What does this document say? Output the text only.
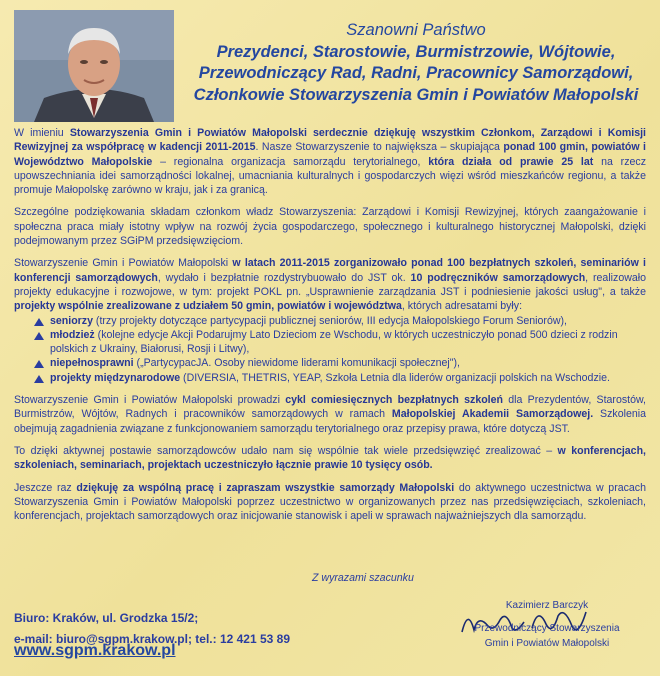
Szanowni Państwo
Prezydenci, Starostowie, Burmistrzowie, Wójtowie,
Przewodniczący Rad, Radni, Pracownicy Samorządowi,
Członkowie Stowarzyszenia Gmin i Powiatów Małopolski

W imieniu Stowarzyszenia Gmin i Powiatów Małopolski serdecznie dziękuję wszystkim Członkom, Zarządowi i Komisji Rewizyjnej za współpracę w kadencji 2011-2015. Nasze Stowarzyszenie to największa – skupiająca ponad 100 gmin, powiatów i Województwo Małopolskie – regionalna organizacja samorządu terytorialnego, która działa od prawie 25 lat na rzecz upowszechniania idei samorządności lokalnej, umacniania kulturalnych i gospodarczych więzi wśród mieszkańców regionu, a także promuje Małopolskę zarówno w kraju, jak i za granicą.

Szczególne podziękowania składam członkom władz Stowarzyszenia: Zarządowi i Komisji Rewizyjnej, których zaangażowanie i społeczna praca miały istotny wpływ na rozwój życia gospodarczego, społecznego i kulturalnego historycznej Małopolski, dzięki podejmowanym przez SGiPM przedsięwzięciom.

Stowarzyszenie Gmin i Powiatów Małopolski w latach 2011-2015 zorganizowało ponad 100 bezpłatnych szkoleń, seminariów i konferencji samorządowych, wydało i bezpłatnie rozdystrybuowało do JST ok. 10 podręczników samorządowych, realizowało projekty edukacyjne i rozwojowe, w tym: projekt POKL pn. „Usprawnienie zarządzania JST i podniesienie jakości usług", a także projekty wspólnie zrealizowane z udziałem 50 gmin, powiatów i województwa, których adresatami były:

seniorzy (trzy projekty dotyczące partycypacji publicznej seniorów, III edycja Małopolskiego Forum Seniorów),
młodzież (kolejne edycje Akcji Podarujmy Lato Dzieciom ze Wschodu, w których uczestniczyło ponad 500 dzieci z rodzin polskich z Ukrainy, Białorusi, Rosji i Litwy),
niepełnosprawni („PartycypacJA. Osoby niewidome liderami komunikacji społecznej"),
projekty międzynarodowe (DIVERSIA, THETRIS, YEAP, Szkoła Letnia dla liderów organizacji polskich na Wschodzie.

Stowarzyszenie Gmin i Powiatów Małopolski prowadzi cykl comiesięcznych bezpłatnych szkoleń dla Prezydentów, Starostów, Burmistrzów, Wójtów, Radnych i pracowników samorządowych w ramach Małopolskiej Akademii Samorządowej. Szkolenia obejmują zagadnienia związane z funkcjonowaniem samorządu terytorialnego oraz przepisy prawa, które dotyczą JST.

To dzięki aktywnej postawie samorządowców udało nam się wspólnie tak wiele przedsięwzięć zrealizować – w konferencjach, szkoleniach, seminariach, projektach uczestniczyło łącznie prawie 10 tysięcy osób.

Jeszcze raz dziękuję za wspólną pracę i zapraszam wszystkie samorządy Małopolski do aktywnego uczestnictwa w pracach Stowarzyszenia Gmin i Powiatów Małopolski poprzez uczestnictwo w organizowanych przez nas przedsięwzięciach, szkoleniach, konferencjach, projektach samorządowych oraz inicjowanie stanowisk i apeli w sprawach najważniejszych dla samorządu.

Z wyrazami szacunku
Biuro: Kraków, ul. Grodzka 15/2;
e-mail: biuro@sgpm.krakow.pl; tel.: 12 421 53 89
www.sgpm.krakow.pl
Kazimierz Barczyk
Przewodniczący Stowarzyszenia
Gmin i Powiatów Małopolski
